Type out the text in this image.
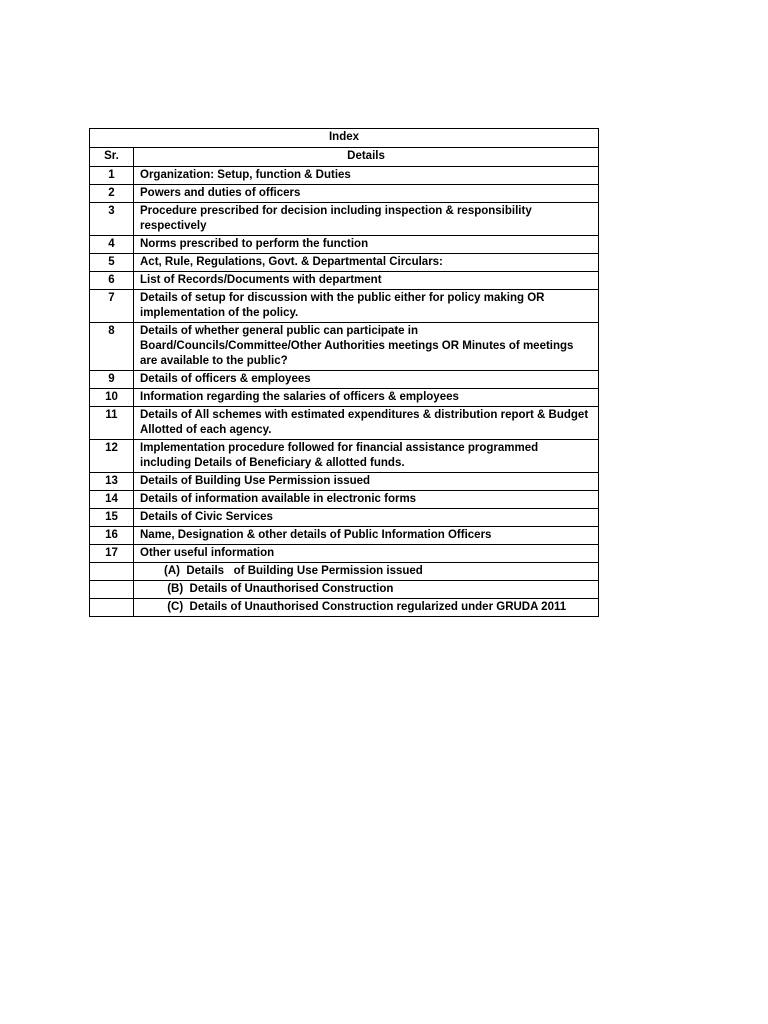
Index	
Sr.	Details
1	Organization: Setup, function & Duties
2	Powers and duties of officers
3	Procedure prescribed for decision including inspection & responsibility respectively
4	Norms prescribed to perform the function
5	Act, Rule, Regulations, Govt. & Departmental Circulars:
6	List of Records/Documents with department
7	Details of setup for discussion with the public either for policy making OR implementation of the policy.
8	Details of whether general public can participate in Board/Councils/Committee/Other Authorities meetings OR Minutes of meetings are available to the public?
9	Details of officers & employees
10	Information regarding the salaries of officers & employees
11	Details of All schemes with estimated expenditures & distribution report & Budget Allotted of each agency.
12	Implementation procedure followed for financial assistance programmed including Details of Beneficiary & allotted funds.
13	Details of Building Use Permission issued
14	Details of information available in electronic forms
15	Details of Civic Services
16	Name, Designation & other details of Public Information Officers
17	Other useful information
	(A)  Details   of Building Use Permission issued
	(B)  Details of Unauthorised Construction
	(C)  Details of Unauthorised Construction regularized under GRUDA 2011
